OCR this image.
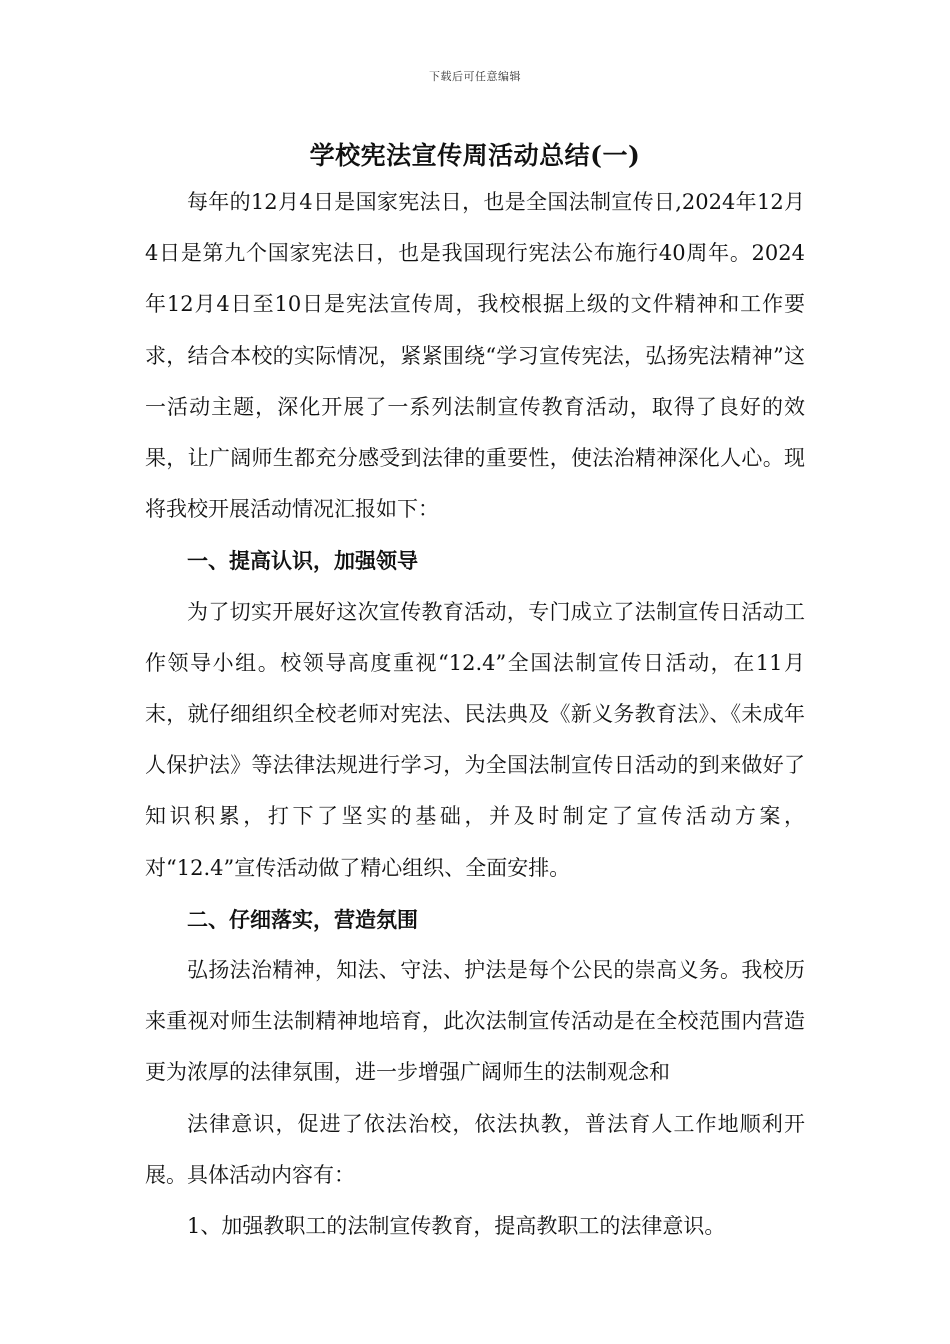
下载后可任意编辑
学校宪法宣传周活动总结(一)

每年的12月4日是国家宪法日，也是全国法制宣传日,2024年12月4日是第九个国家宪法日，也是我国现行宪法公布施行40周年。2024年12月4日至10日是宪法宣传周，我校根据上级的文件精神和工作要求，结合本校的实际情况，紧紧围绕“学习宣传宪法，弘扬宪法精神”这一活动主题，深化开展了一系列法制宣传教育活动，取得了良好的效果，让广阔师生都充分感受到法律的重要性，使法治精神深化人心。现将我校开展活动情况汇报如下：

一、提高认识，加强领导

为了切实开展好这次宣传教育活动，专门成立了法制宣传日活动工作领导小组。校领导高度重视“12.4”全国法制宣传日活动，在11月末，就仔细组织全校老师对宪法、民法典及《新义务教育法》、《未成年人保护法》等法律法规进行学习，为全国法制宣传日活动的到来做好了知识积累，打下了坚实的基础，并及时制定了宣传活动方案，对“12.4”宣传活动做了精心组织、全面安排。

二、仔细落实，营造氛围

弘扬法治精神，知法、守法、护法是每个公民的崇高义务。我校历来重视对师生法制精神地培育，此次法制宣传活动是在全校范围内营造更为浓厚的法律氛围，进一步增强广阔师生的法制观念和

法律意识，促进了依法治校，依法执教，普法育人工作地顺利开展。具体活动内容有：

1、加强教职工的法制宣传教育，提高教职工的法律意识。
